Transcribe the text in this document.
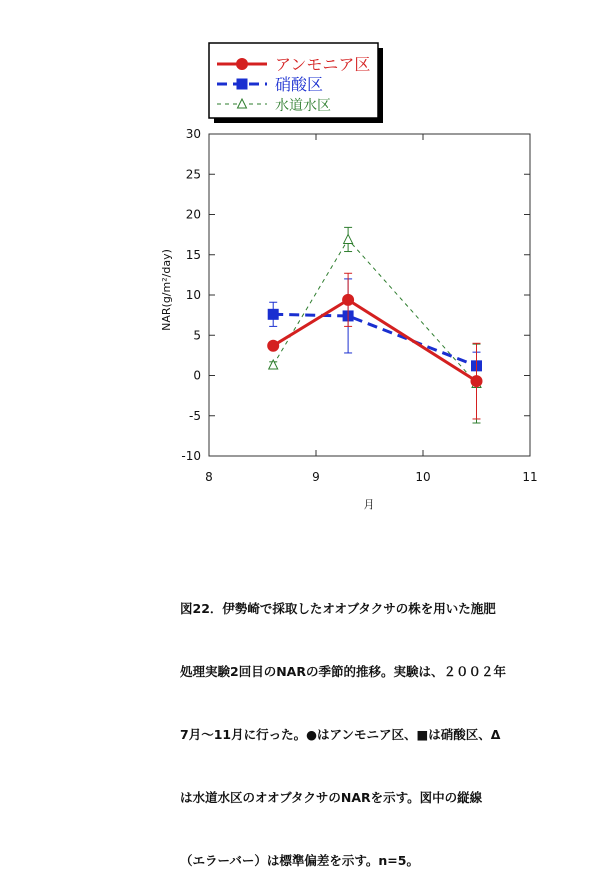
アンモニア区
硝酸区
水道水区
30
25
20
15
10
5
0
-5
-10
8	9	10	11
NAR(g/m²/day)
月

図22．伊勢崎で採取したオオブタクサの株を用いた施肥

処理実験2回目のNARの季節的推移。実験は、２００２年

7月～11月に行った。●はアンモニア区、■は硝酸区、Δ

は水道水区のオオブタクサのNARを示す。図中の縦線

（エラーバー）は標準偏差を示す。n=5。
